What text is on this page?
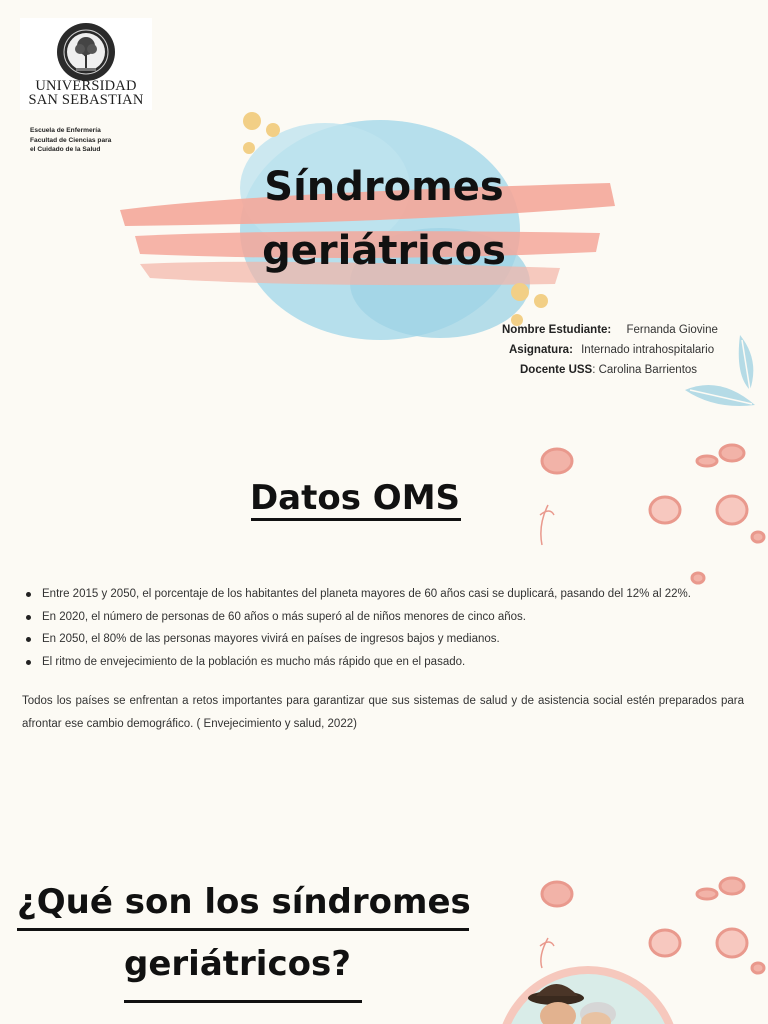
UNIVERSIDAD
SAN SEBASTIAN
Escuela de Enfermería
Facultad de Ciencias para
el Cuidado de la Salud
Síndromes
geriátricos
Nombre Estudiante: Fernanda Giovine
Asignatura: Internado intrahospitalario
Docente USS: Carolina Barrientos
Datos OMS
Entre 2015 y 2050, el porcentaje de los habitantes del planeta mayores de 60 años casi se duplicará, pasando del 12% al 22%.
En 2020, el número de personas de 60 años o más superó al de niños menores de cinco años.
En 2050, el 80% de las personas mayores vivirá en países de ingresos bajos y medianos.
El ritmo de envejecimiento de la población es mucho más rápido que en el pasado.
Todos los países se enfrentan a retos importantes para garantizar que sus sistemas de salud y de asistencia social estén preparados para afrontar ese cambio demográfico. ( Envejecimiento y salud, 2022)
¿Qué son los síndromes
geriátricos?
